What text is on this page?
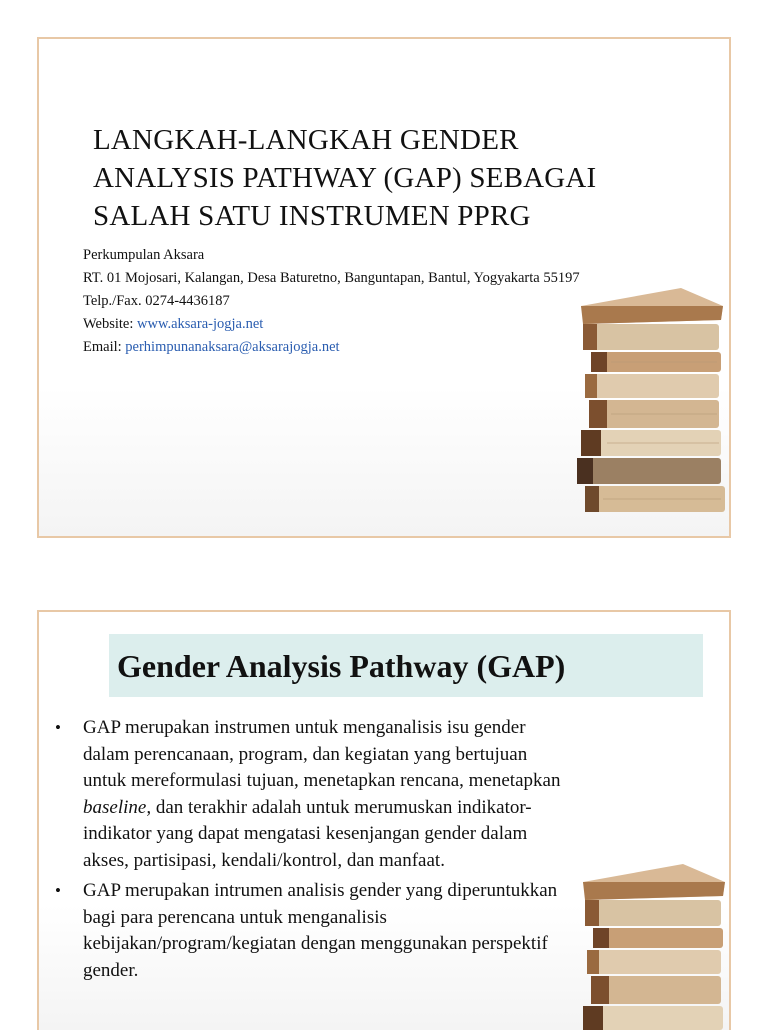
LANGKAH-LANGKAH GENDER ANALYSIS PATHWAY (GAP) SEBAGAI SALAH SATU INSTRUMEN PPRG
Perkumpulan Aksara
RT. 01 Mojosari, Kalangan, Desa Baturetno, Banguntapan, Bantul, Yogyakarta 55197
Telp./Fax. 0274-4436187
Website: www.aksara-jogja.net
Email: perhimpunanaksara@aksarajogja.net
Gender Analysis Pathway (GAP)
• GAP merupakan instrumen untuk menganalisis isu gender dalam perencanaan, program, dan kegiatan yang bertujuan untuk mereformulasi tujuan, menetapkan rencana, menetapkan baseline, dan terakhir adalah untuk merumuskan indikator-indikator yang dapat mengatasi kesenjangan gender dalam akses, partisipasi, kendali/kontrol, dan manfaat.
• GAP merupakan intrumen analisis gender yang diperuntukkan bagi para perencana untuk menganalisis kebijakan/program/kegiatan dengan menggunakan perspektif gender.
